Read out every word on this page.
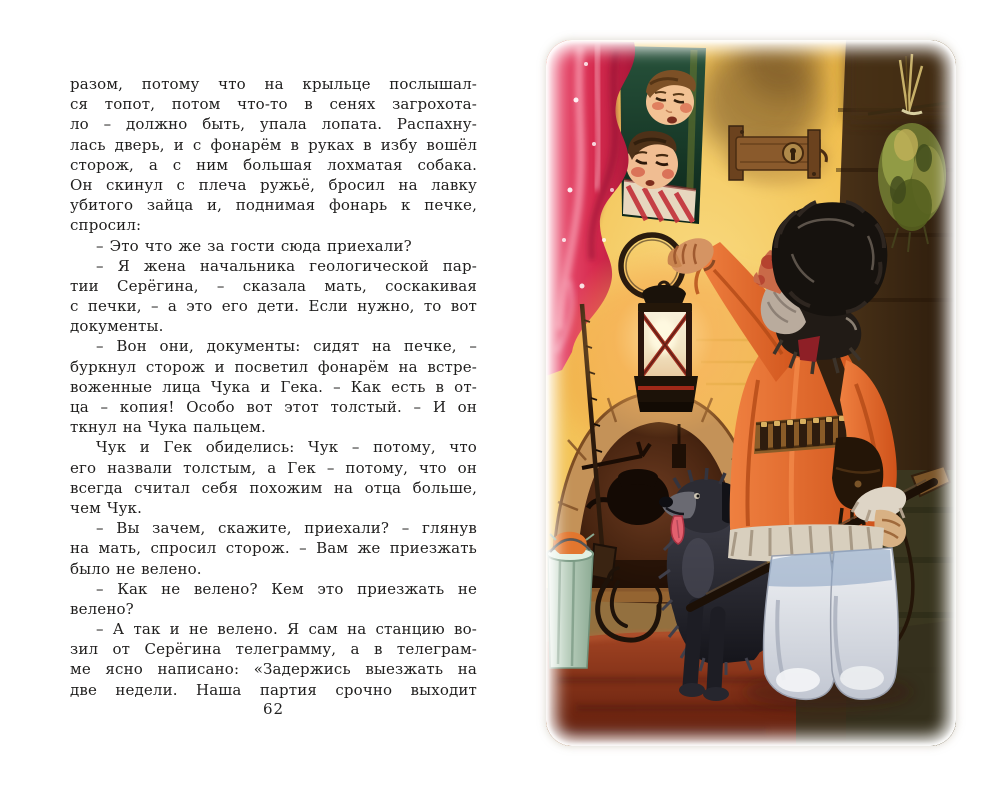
разом, потому что на крыльце послышал-
ся топот, потом что-то в сенях загрохота-
ло – должно быть, упала лопата. Распахну-
лась дверь, и с фонарём в руках в избу вошёл
сторож, а с ним большая лохматая собака.
Он скинул с плеча ружьё, бросил на лавку
убитого зайца и, поднимая фонарь к печке,
спросил:
– Это что же за гости сюда приехали?
– Я жена начальника геологической пар-
тии Серёгина, – сказала мать, соскакивая
с печки, – а это его дети. Если нужно, то вот
документы.
– Вон они, документы: сидят на печке, –
буркнул сторож и посветил фонарём на встре-
воженные лица Чука и Гека. – Как есть в от-
ца – копия! Особо вот этот толстый. – И он
ткнул на Чука пальцем.
Чук и Гек обиделись: Чук – потому, что
его назвали толстым, а Гек – потому, что он
всегда считал себя похожим на отца больше,
чем Чук.
– Вы зачем, скажите, приехали? – глянув
на мать, спросил сторож. – Вам же приезжать
было не велено.
– Как не велено? Кем это приезжать не
велено?
– А так и не велено. Я сам на станцию во-
зил от Серёгина телеграмму, а в телеграм-
ме ясно написано: «Задержись выезжать на
две недели. Наша партия срочно выходит
62
